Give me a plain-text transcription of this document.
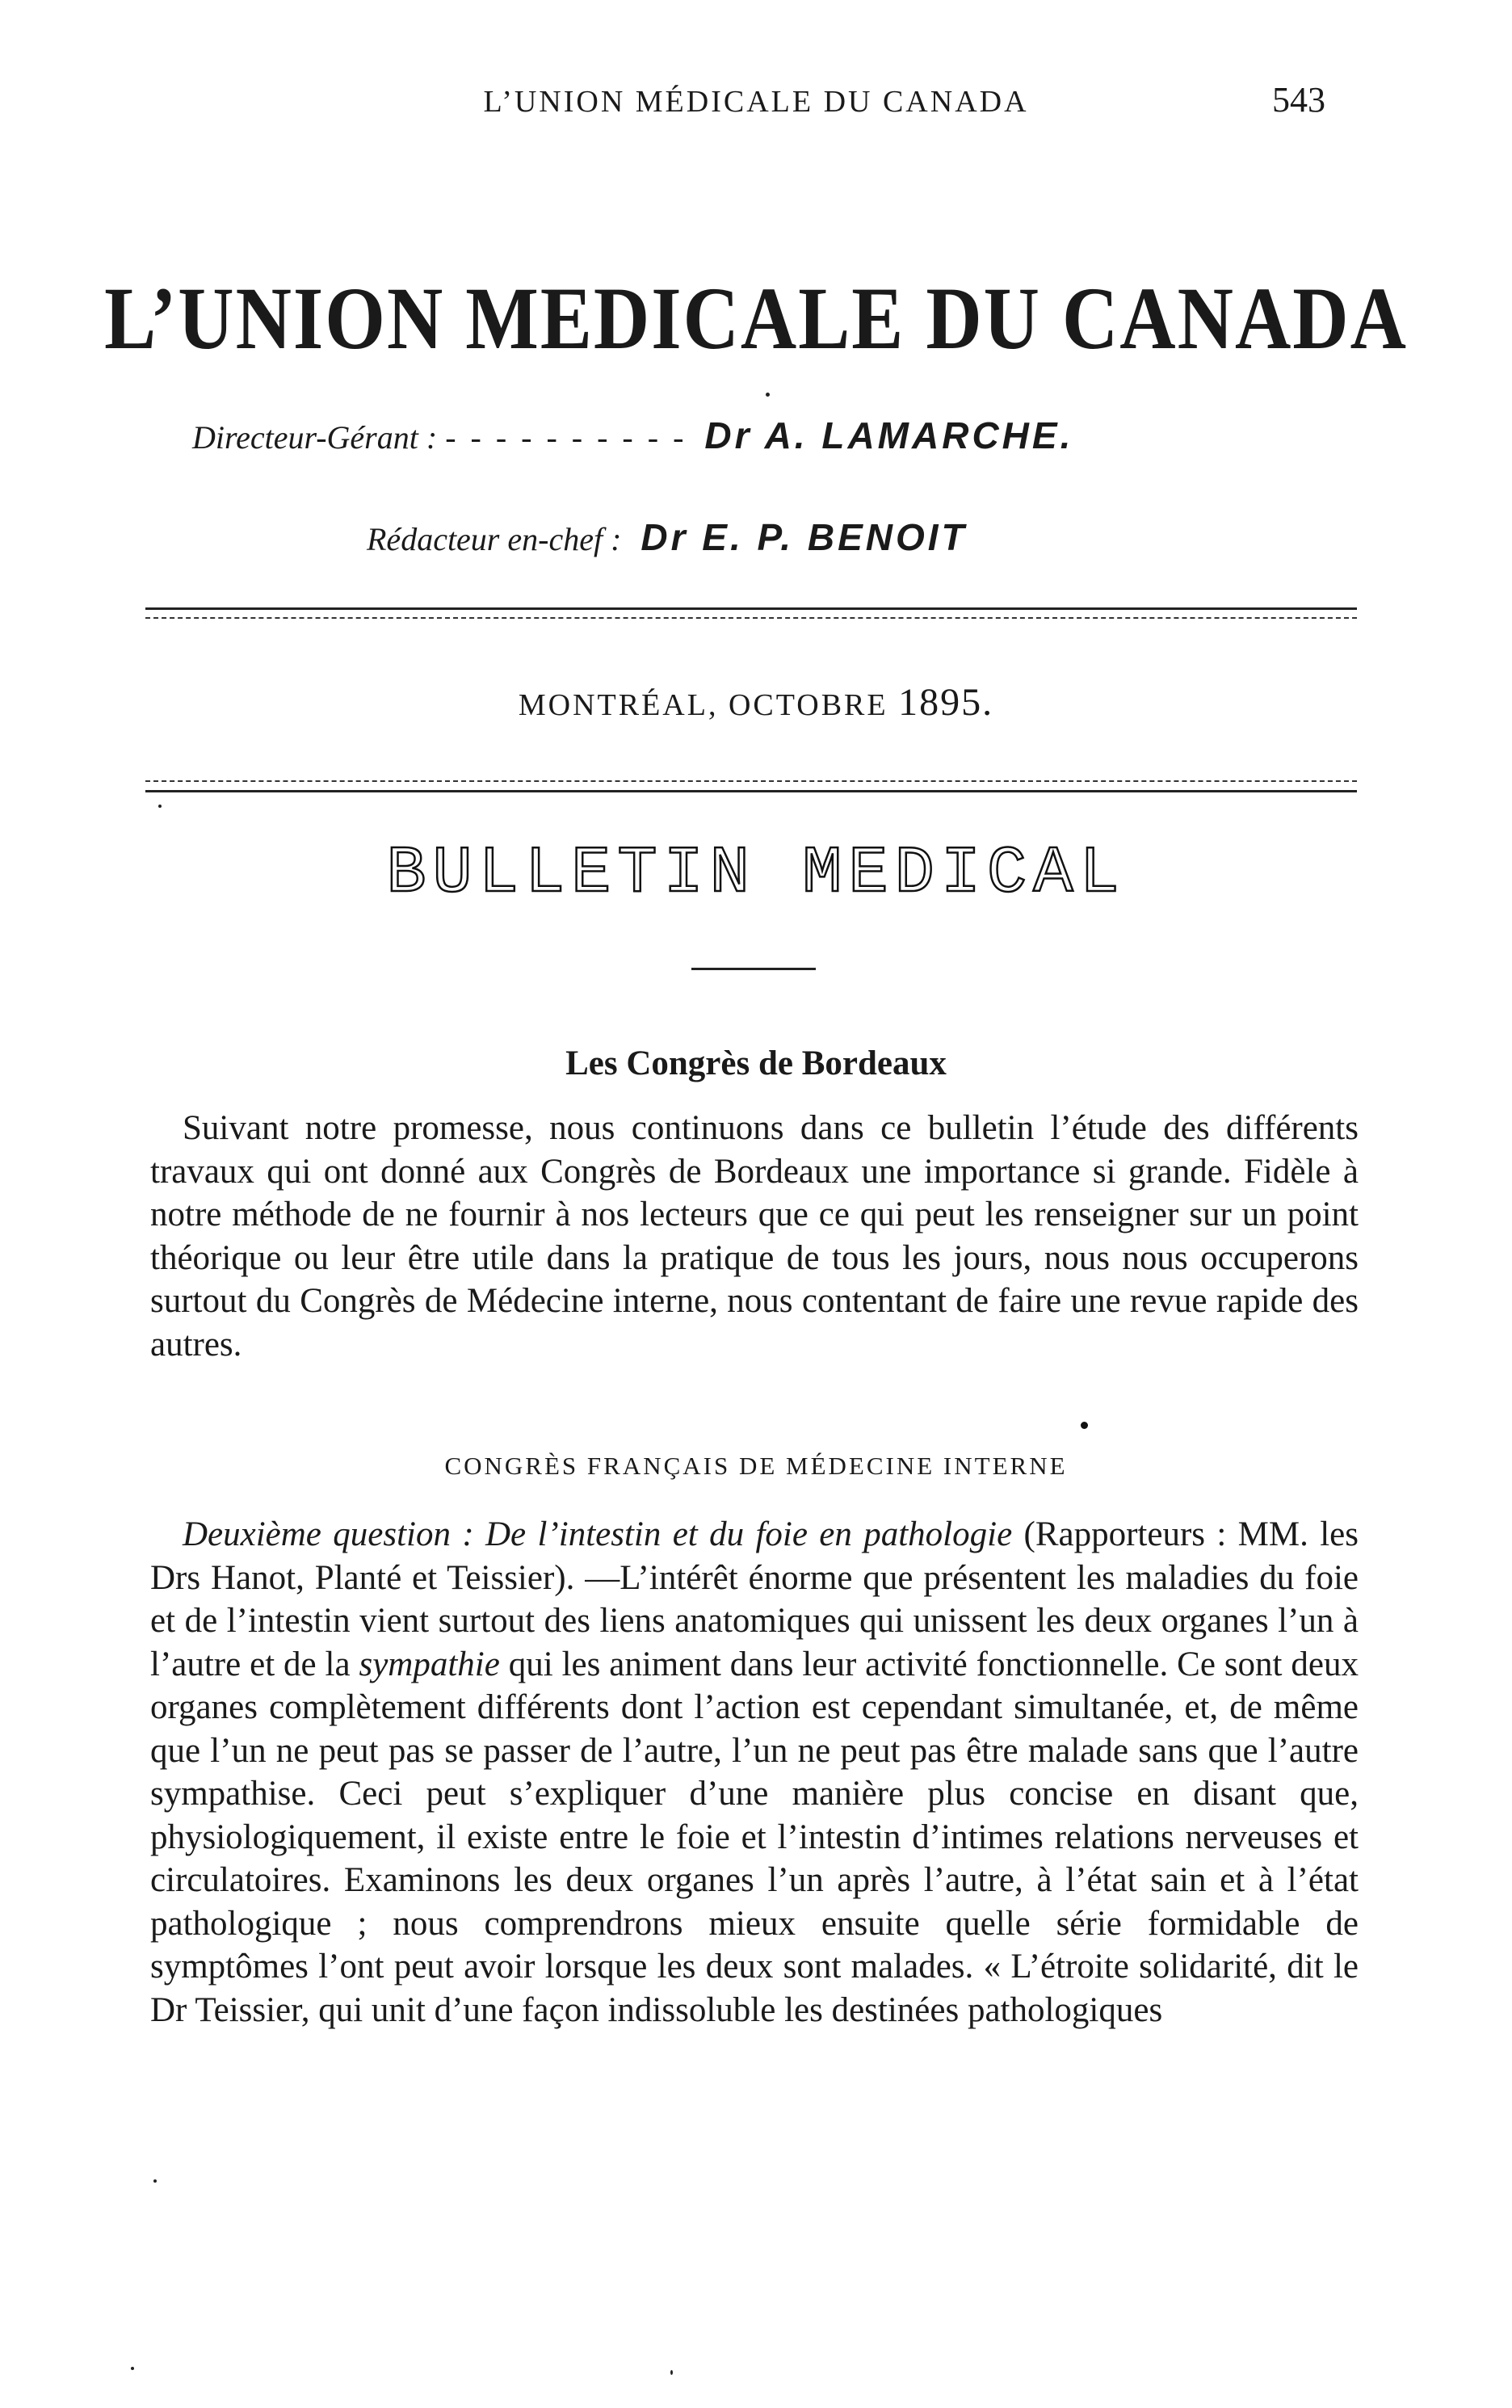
L’UNION MÉDICALE DU CANADA	543
L’UNION MEDICALE DU CANADA
Directeur-Gérant : - - - - - - - - - - Dr A. LAMARCHE.
Rédacteur en-chef : Dr E. P. BENOIT
MONTRÉAL, OCTOBRE 1895.
BULLETIN MEDICAL
Les Congrès de Bordeaux

Suivant notre promesse, nous continuons dans ce bulletin l’étude des différents travaux qui ont donné aux Congrès de Bordeaux une importance si grande. Fidèle à notre méthode de ne fournir à nos lecteurs que ce qui peut les renseigner sur un point théorique ou leur être utile dans la pratique de tous les jours, nous nous occuperons surtout du Congrès de Médecine interne, nous contentant de faire une revue rapide des autres.

CONGRÈS FRANÇAIS DE MÉDECINE INTERNE

Deuxième question : De l’intestin et du foie en pathologie (Rapporteurs : MM. les Drs Hanot, Planté et Teissier). —L’intérêt énorme que présentent les maladies du foie et de l’intestin vient surtout des liens anatomiques qui unissent les deux organes l’un à l’autre et de la sympathie qui les animent dans leur activité fonctionnelle. Ce sont deux organes complètement différents dont l’action est cependant simultanée, et, de même que l’un ne peut pas se passer de l’autre, l’un ne peut pas être malade sans que l’autre sympathise. Ceci peut s’expliquer d’une manière plus concise en disant que, physiologiquement, il existe entre le foie et l’intestin d’intimes relations nerveuses et circulatoires. Examinons les deux organes l’un après l’autre, à l’état sain et à l’état pathologique ; nous comprendrons mieux ensuite quelle série formidable de symptômes l’ont peut avoir lorsque les deux sont malades. « L’étroite solidarité, dit le Dr Teissier, qui unit d’une façon indissoluble les destinées pathologiques
